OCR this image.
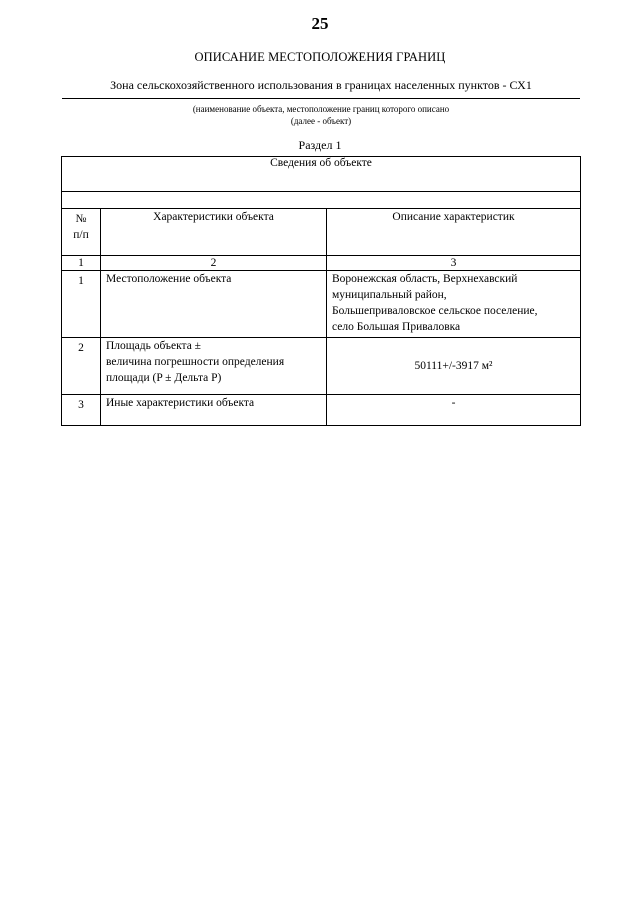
25
ОПИСАНИЕ МЕСТОПОЛОЖЕНИЯ ГРАНИЦ
Зона сельскохозяйственного использования в границах населенных пунктов - СХ1
(наименование объекта, местоположение границ которого описано
(далее - объект)
Раздел 1
Сведения об объекте		

№
п/п	Характеристики объекта	Описание характеристик
1	2	3
1	Местоположение объекта	Воронежская область, Верхнехавский
муниципальный район,
Большеприваловское сельское поселение,
село Большая Приваловка

2	Площадь объекта ±
величина погрешности определения
площади (P ± Дельта P)	50111+/-3917 м²
3	Иные характеристики объекта	-
